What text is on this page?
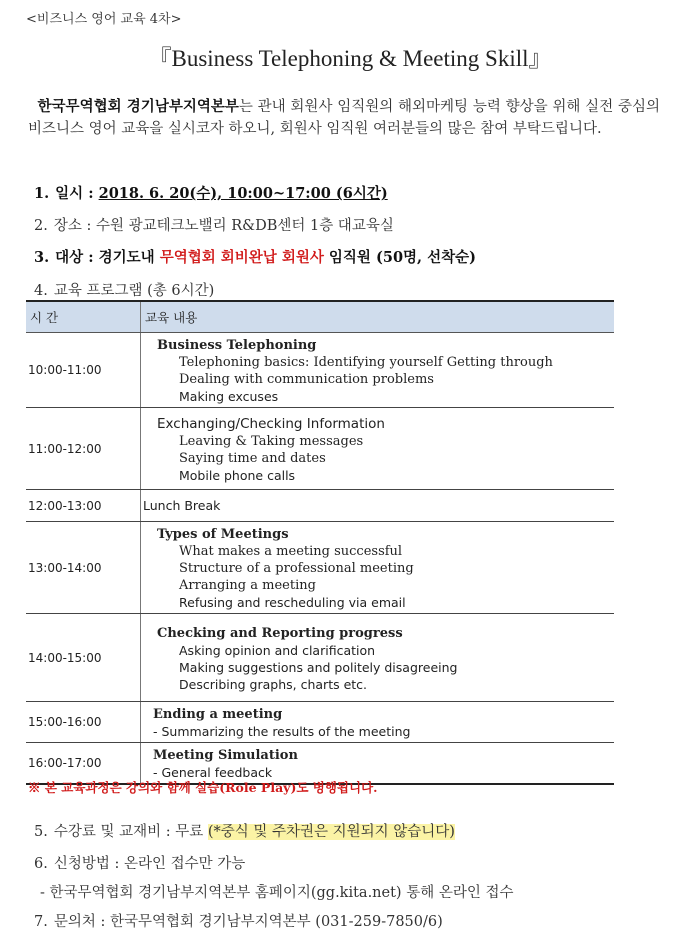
<비즈니스 영어 교육 4차>
『Business Telephoning & Meeting Skill』
한국무역협회 경기남부지역본부는 관내 회원사 임직원의 해외마케팅 능력 향상을 위해 실전 중심의 비즈니스 영어 교육을 실시코자 하오니, 회원사 임직원 여러분들의 많은 참여 부탁드립니다.
1. 일시 : 2018. 6. 20(수), 10:00~17:00 (6시간)
2. 장소 : 수원 광교테크노밸리 R&DB센터 1층 대교육실
3. 대상 : 경기도내 무역협회 회비완납 회원사 임직원 (50명, 선착순)
4. 교육 프로그램 (총 6시간)
시 간	교육 내용
10:00-11:00	Business Telephoning
Telephoning basics: Identifying yourself Getting through
Dealing with communication problems
Making excuses

11:00-12:00	Exchanging/Checking Information
Leaving & Taking messages
Saying time and dates
Mobile phone calls

12:00-13:00	Lunch Break

13:00-14:00	Types of Meetings
What makes a meeting successful
Structure of a professional meeting
Arranging a meeting
Refusing and rescheduling via email

14:00-15:00	Checking and Reporting progress
Asking opinion and clarification
Making suggestions and politely disagreeing
Describing graphs, charts etc.

15:00-16:00	Ending a meeting
- Summarizing the results of the meeting

16:00-17:00	Meeting Simulation
- General feedback
※ 본 교육과정은 강의와 함께 실습(Role Play)도 병행됩니다.
5. 수강료 및 교재비 : 무료 (*중식 및 주차권은 지원되지 않습니다)
6. 신청방법 : 온라인 접수만 가능
- 한국무역협회 경기남부지역본부 홈페이지(gg.kita.net) 통해 온라인 접수
7. 문의처 : 한국무역협회 경기남부지역본부 (031-259-7850/6)
